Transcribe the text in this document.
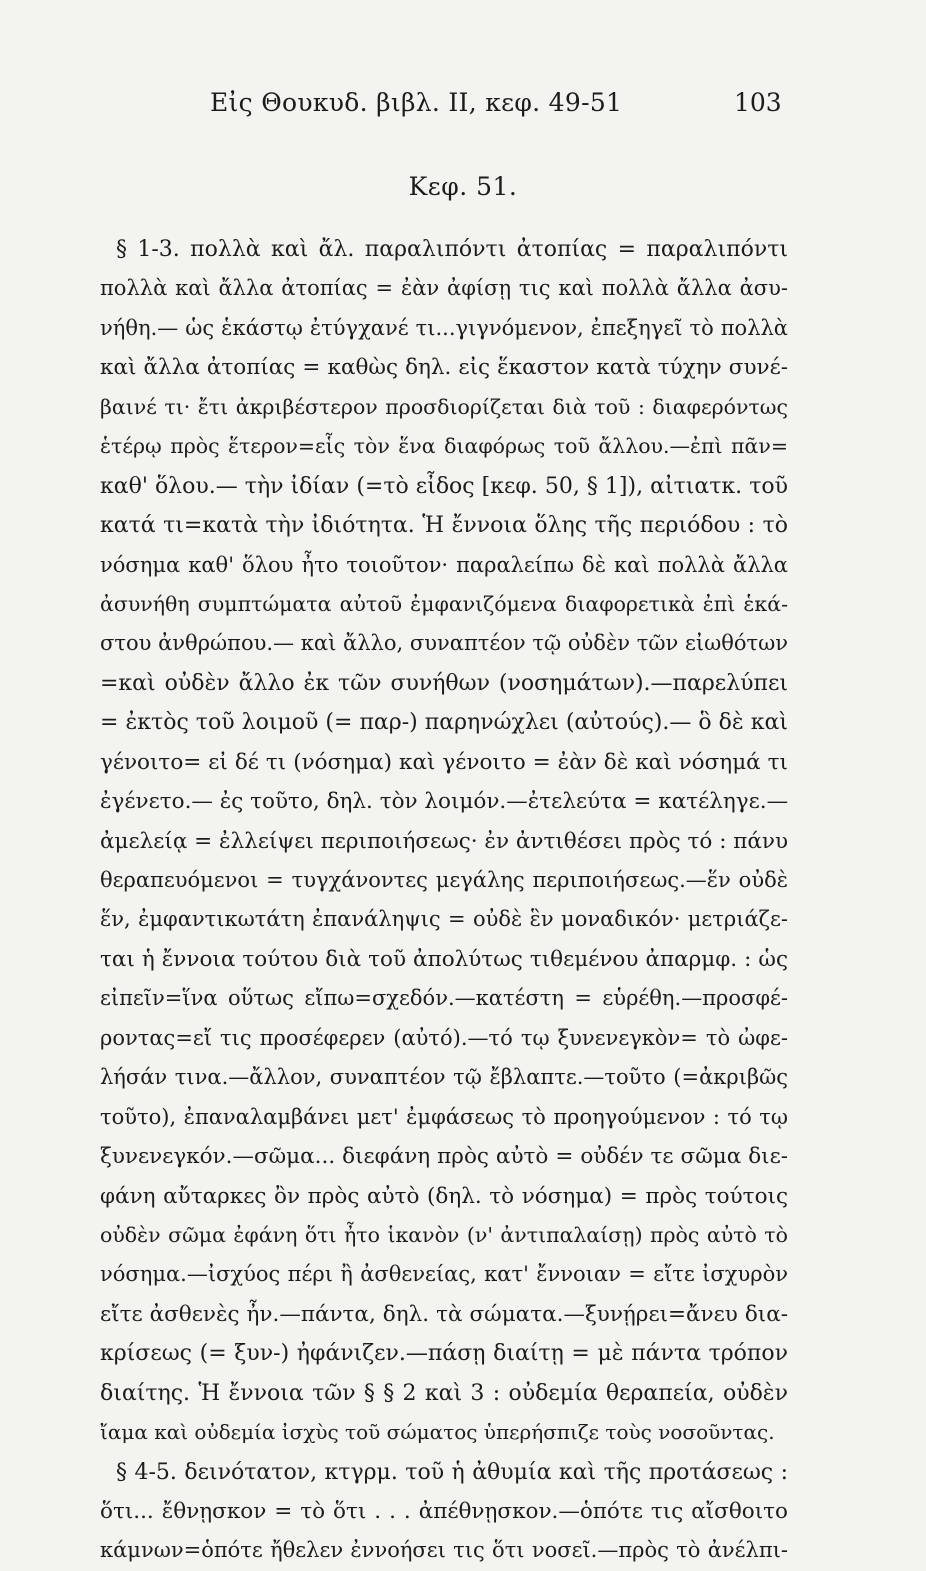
Εἰς Θουκυδ. βιβλ. II, κεφ. 49-51	103
Κεφ. 51.
§ 1-3. πολλὰ καὶ ἄλ. παραλιπόντι ἀτοπίας = παραλιπόντι
πολλὰ καὶ ἄλλα ἀτοπίας = ἐὰν ἀφίσῃ τις καὶ πολλὰ ἄλλα ἀσυ-
νήθη.— ὡς ἑκάστῳ ἐτύγχανέ τι...γιγνόμενον, ἐπεξηγεῖ τὸ πολλὰ
καὶ ἄλλα ἀτοπίας = καθὼς δηλ. εἰς ἕκαστον κατὰ τύχην συνέ-
βαινέ τι· ἔτι ἀκριβέστερον προσδιορίζεται διὰ τοῦ : διαφερόντως
ἑτέρῳ πρὸς ἕτερον=εἷς τὸν ἕνα διαφόρως τοῦ ἄλλου.—ἐπὶ πᾶν=
καθ' ὅλου.— τὴν ἰδίαν (=τὸ εἶδος [κεφ. 50, § 1]), αἰτιατκ. τοῦ
κατά τι=κατὰ τὴν ἰδιότητα. Ἡ ἔννοια ὅλης τῆς περιόδου : τὸ
νόσημα καθ' ὅλου ἦτο τοιοῦτον· παραλείπω δὲ καὶ πολλὰ ἄλλα
ἀσυνήθη συμπτώματα αὐτοῦ ἐμφανιζόμενα διαφορετικὰ ἐπὶ ἑκά-
στου ἀνθρώπου.— καὶ ἄλλο, συναπτέον τῷ οὐδὲν τῶν εἰωθότων
=καὶ οὐδὲν ἄλλο ἐκ τῶν συνήθων (νοσημάτων).—παρελύπει
= ἐκτὸς τοῦ λοιμοῦ (= παρ-) παρηνώχλει (αὐτούς).— ὃ δὲ καὶ
γένοιτο= εἰ δέ τι (νόσημα) καὶ γένοιτο = ἐὰν δὲ καὶ νόσημά τι
ἐγένετο.— ἐς τοῦτο, δηλ. τὸν λοιμόν.—ἐτελεύτα = κατέληγε.—
ἀμελείᾳ = ἐλλείψει περιποιήσεως· ἐν ἀντιθέσει πρὸς τό : πάνυ
θεραπευόμενοι = τυγχάνοντες μεγάλης περιποιήσεως.—ἕν οὐδὲ
ἕν, ἐμφαντικωτάτη ἐπανάληψις = οὐδὲ ἓν μοναδικόν· μετριάζε-
ται ἡ ἔννοια τούτου διὰ τοῦ ἀπολύτως τιθεμένου ἀπαρμφ. : ὡς
εἰπεῖν=ἵνα οὕτως εἴπω=σχεδόν.—κατέστη = εὑρέθη.—προσφέ-
ροντας=εἴ τις προσέφερεν (αὐτό).—τό τῳ ξυνενεγκὸν= τὸ ὠφε-
λήσάν τινα.—ἄλλον, συναπτέον τῷ ἔβλαπτε.—τοῦτο (=ἀκριβῶς
τοῦτο), ἐπαναλαμβάνει μετ' ἐμφάσεως τὸ προηγούμενον : τό τῳ
ξυνενεγκόν.—σῶμα... διεφάνη πρὸς αὐτὸ = οὐδέν τε σῶμα διε-
φάνη αὔταρκες ὂν πρὸς αὐτὸ (δηλ. τὸ νόσημα) = πρὸς τούτοις
οὐδὲν σῶμα ἐφάνη ὅτι ἦτο ἱκανὸν (ν' ἀντιπαλαίσῃ) πρὸς αὐτὸ τὸ
νόσημα.—ἰσχύος πέρι ἢ ἀσθενείας, κατ' ἔννοιαν = εἴτε ἰσχυρὸν
εἴτε ἀσθενὲς ἦν.—πάντα, δηλ. τὰ σώματα.—ξυνῄρει=ἄνευ δια-
κρίσεως (= ξυν-) ἠφάνιζεν.—πάσῃ διαίτῃ = μὲ πάντα τρόπον
διαίτης. Ἡ ἔννοια τῶν § § 2 καὶ 3 : οὐδεμία θεραπεία, οὐδὲν
ἴαμα καὶ οὐδεμία ἰσχὺς τοῦ σώματος ὑπερήσπιζε τοὺς νοσοῦντας.
§ 4-5. δεινότατον, κτγρμ. τοῦ ἡ ἀθυμία καὶ τῆς προτάσεως :
ὅτι... ἔθνῃσκον = τὸ ὅτι . . . ἀπέθνῃσκον.—ὁπότε τις αἴσθοιτο
κάμνων=ὁπότε ἤθελεν ἐννοήσει τις ὅτι νοσεῖ.—πρὸς τὸ ἀνέλπι-
